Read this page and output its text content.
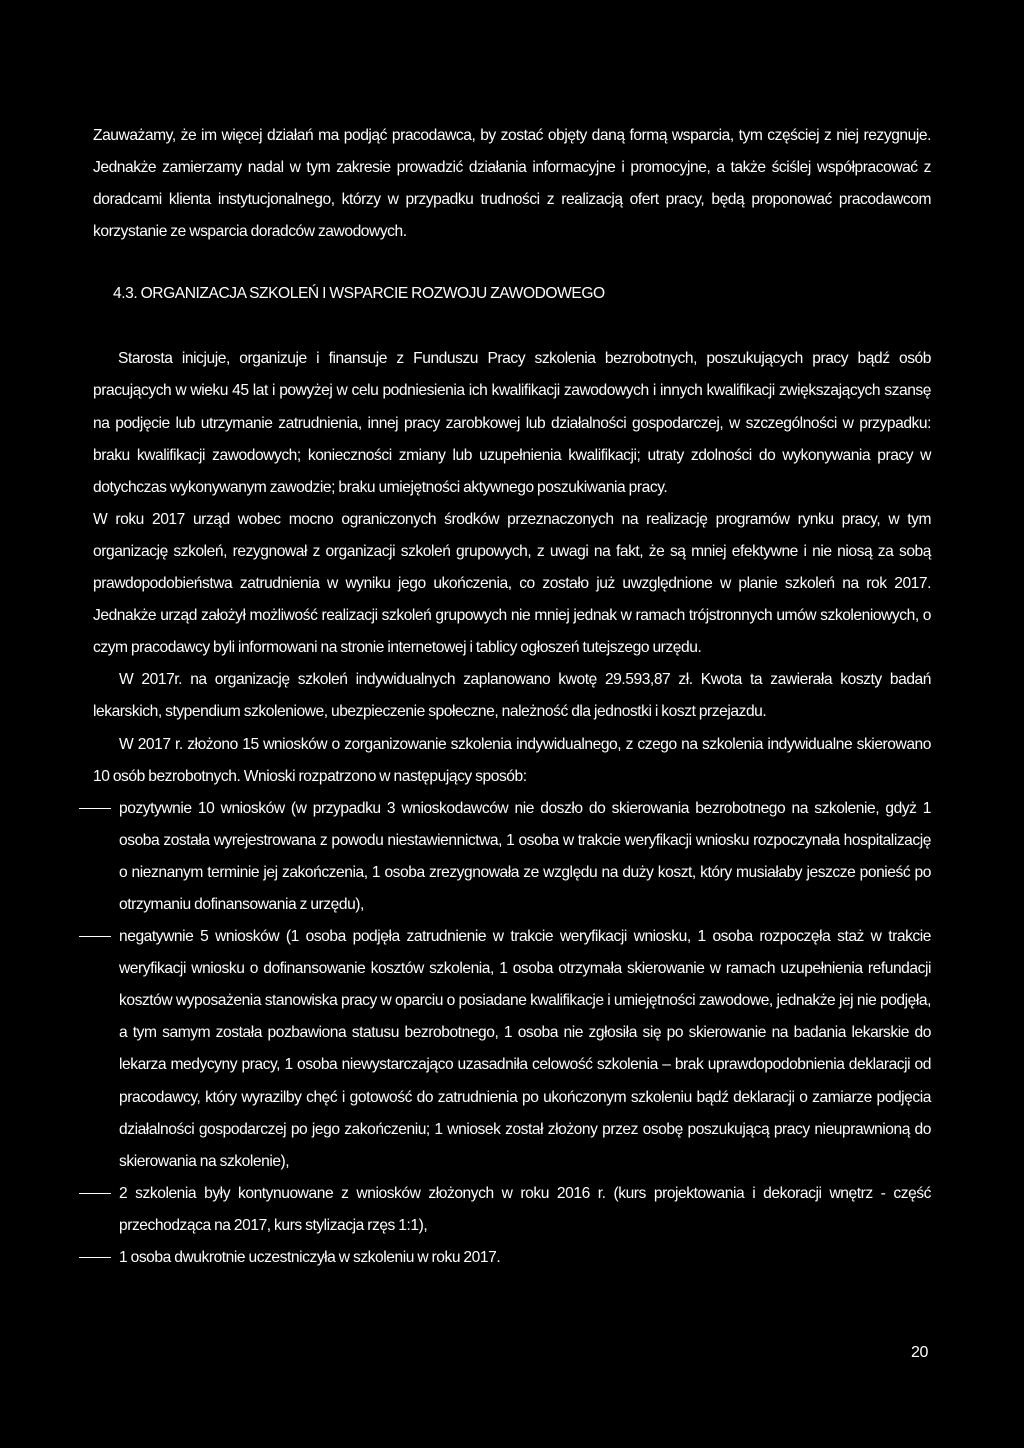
Zauważamy, że im więcej działań ma podjąć pracodawca, by zostać objęty daną formą wsparcia, tym częściej z niej rezygnuje. Jednakże zamierzamy nadal w tym zakresie prowadzić działania informacyjne i promocyjne, a także ściślej współpracować z doradcami klienta instytucjonalnego, którzy w przypadku trudności z realizacją ofert pracy, będą proponować pracodawcom korzystanie ze wsparcia doradców zawodowych.

4.3. ORGANIZACJA SZKOLEŃ I WSPARCIE ROZWOJU ZAWODOWEGO

Starosta inicjuje, organizuje i finansuje z Funduszu Pracy szkolenia bezrobotnych, poszukujących pracy bądź osób pracujących w wieku 45 lat i powyżej w celu podniesienia ich kwalifikacji zawodowych i innych kwalifikacji zwiększających szansę na podjęcie lub utrzymanie zatrudnienia, innej pracy zarobkowej lub działalności gospodarczej, w szczególności w przypadku: braku kwalifikacji zawodowych; konieczności zmiany lub uzupełnienia kwalifikacji; utraty zdolności do wykonywania pracy w dotychczas wykonywanym zawodzie; braku umiejętności aktywnego poszukiwania pracy.

W roku 2017 urząd wobec mocno ograniczonych środków przeznaczonych na realizację programów rynku pracy, w tym organizację szkoleń, rezygnował z organizacji szkoleń grupowych, z uwagi na fakt, że są mniej efektywne i nie niosą za sobą prawdopodobieństwa zatrudnienia w wyniku jego ukończenia, co zostało już uwzględnione w planie szkoleń na rok 2017. Jednakże urząd założył możliwość realizacji szkoleń grupowych nie mniej jednak w ramach trójstronnych umów szkoleniowych, o czym pracodawcy byli informowani na stronie internetowej i tablicy ogłoszeń tutejszego urzędu.

W 2017r. na organizację szkoleń indywidualnych zaplanowano kwotę 29.593,87 zł. Kwota ta zawierała koszty badań lekarskich, stypendium szkoleniowe, ubezpieczenie społeczne, należność dla jednostki i koszt przejazdu.

W 2017 r. złożono 15 wniosków o zorganizowanie szkolenia indywidualnego, z czego na szkolenia indywidualne skierowano 10 osób bezrobotnych. Wnioski rozpatrzono w następujący sposób:

pozytywnie 10 wniosków (w przypadku 3 wnioskodawców nie doszło do skierowania bezrobotnego na szkolenie, gdyż 1 osoba została wyrejestrowana z powodu niestawiennictwa, 1 osoba w trakcie weryfikacji wniosku rozpoczynała hospitalizację o nieznanym terminie jej zakończenia, 1 osoba zrezygnowała ze względu na duży koszt, który musiałaby jeszcze ponieść po otrzymaniu dofinansowania z urzędu),
negatywnie 5 wniosków (1 osoba podjęła zatrudnienie w trakcie weryfikacji wniosku, 1 osoba rozpoczęła staż w trakcie weryfikacji wniosku o dofinansowanie kosztów szkolenia, 1 osoba otrzymała skierowanie w ramach uzupełnienia refundacji kosztów wyposażenia stanowiska pracy w oparciu o posiadane kwalifikacje i umiejętności zawodowe, jednakże jej nie podjęła, a tym samym została pozbawiona statusu bezrobotnego, 1 osoba nie zgłosiła się po skierowanie na badania lekarskie do lekarza medycyny pracy, 1 osoba niewystarczająco uzasadniła celowość szkolenia – brak uprawdopodobnienia deklaracji od pracodawcy, który wyrazilby chęć i gotowość do zatrudnienia po ukończonym szkoleniu bądź deklaracji o zamiarze podjęcia działalności gospodarczej po jego zakończeniu; 1 wniosek został złożony przez osobę poszukującą pracy nieuprawnioną do skierowania na szkolenie),
2 szkolenia były kontynuowane z wniosków złożonych w roku 2016 r. (kurs projektowania i dekoracji wnętrz - część przechodząca na 2017, kurs stylizacja rzęs 1:1),
1 osoba dwukrotnie uczestniczyła w szkoleniu w roku 2017.
20
